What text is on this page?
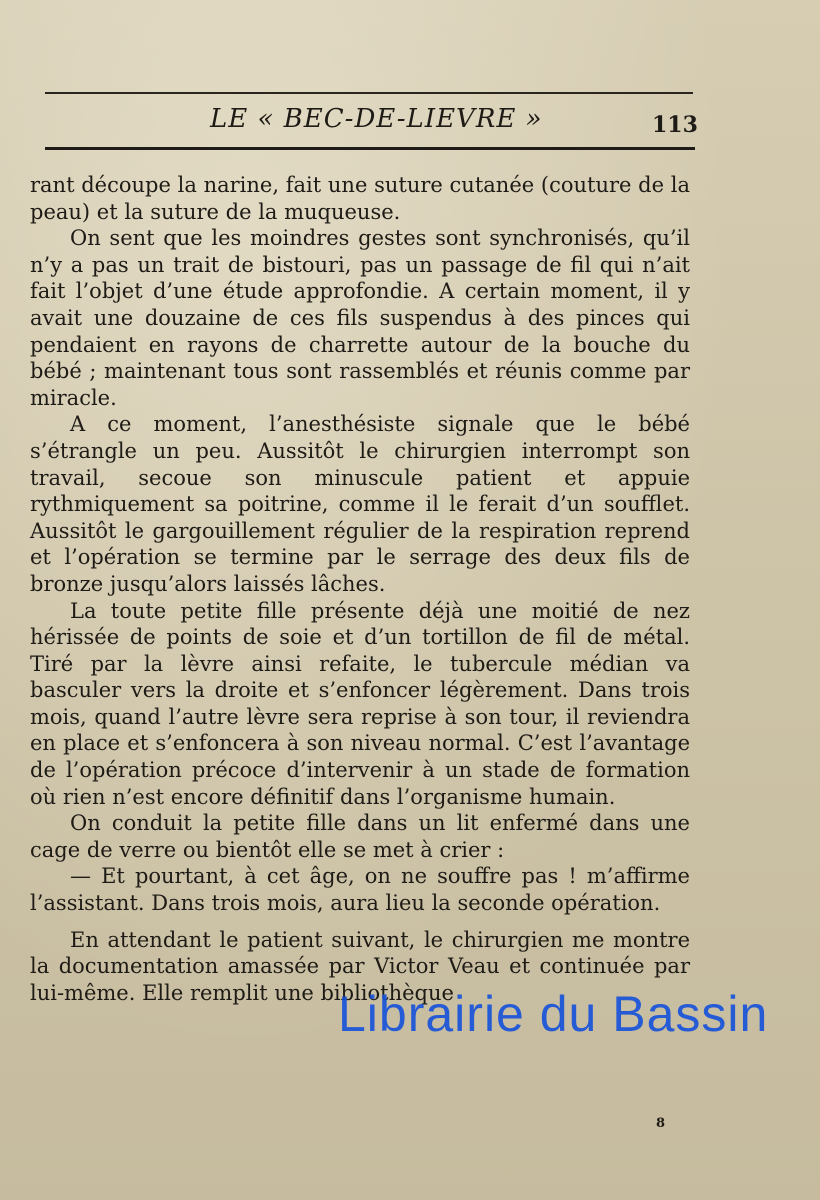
LE « BEC-DE-LIEVRE »	113

rant découpe la narine, fait une suture cutanée (couture de la peau) et la suture de la muqueuse.

On sent que les moindres gestes sont synchronisés, qu’il n’y a pas un trait de bistouri, pas un passage de fil qui n’ait fait l’objet d’une étude approfondie. A certain moment, il y avait une douzaine de ces fils suspendus à des pinces qui pendaient en rayons de charrette autour de la bouche du bébé ; maintenant tous sont rassemblés et réunis comme par miracle.

A ce moment, l’anesthésiste signale que le bébé s’étrangle un peu. Aussitôt le chirurgien interrompt son travail, secoue son minuscule patient et appuie rythmiquement sa poitrine, comme il le ferait d’un soufflet. Aussitôt le gargouillement régulier de la respiration reprend et l’opération se termine par le serrage des deux fils de bronze jusqu’alors laissés lâches.

La toute petite fille présente déjà une moitié de nez hérissée de points de soie et d’un tortillon de fil de métal. Tiré par la lèvre ainsi refaite, le tubercule médian va basculer vers la droite et s’enfoncer légèrement. Dans trois mois, quand l’autre lèvre sera reprise à son tour, il reviendra en place et s’enfoncera à son niveau normal. C’est l’avantage de l’opération précoce d’intervenir à un stade de formation où rien n’est encore définitif dans l’organisme humain.

On conduit la petite fille dans un lit enfermé dans une cage de verre ou bientôt elle se met à crier :

— Et pourtant, à cet âge, on ne souffre pas ! m’affirme l’assistant. Dans trois mois, aura lieu la seconde opération.

En attendant le patient suivant, le chirurgien me montre la documentation amassée par Victor Veau et continuée par lui-même. Elle remplit une bibliothèque

Librairie du Bassin
8
